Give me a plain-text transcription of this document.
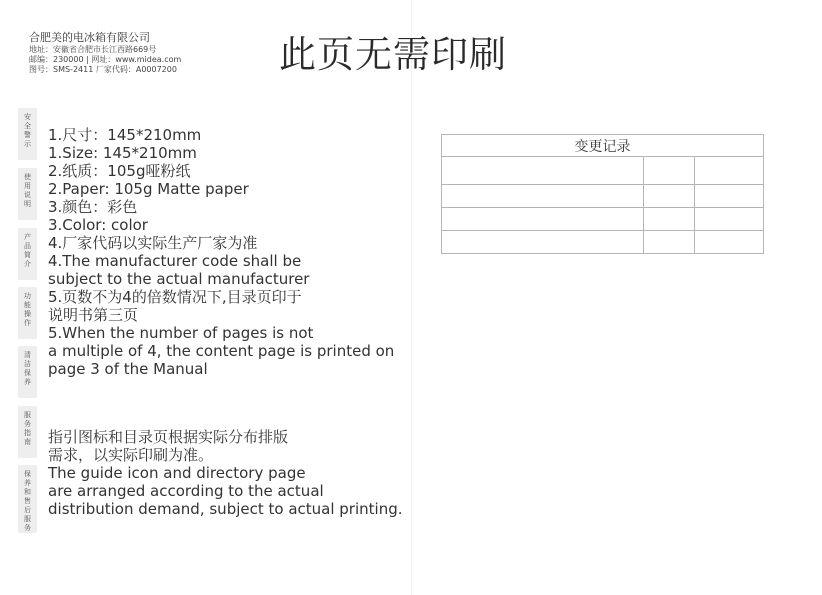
合肥美的电冰箱有限公司
地址：安徽省合肥市长江西路669号
邮编：230000 | 网址：www.midea.com
图号：SMS-2411 厂家代码：A0007200	此页无需印刷
安全警示
使用说明
产品简介
功能操作
清洁保养
服务指南
保养和售后服务
1.尺寸：145*210mm
1.Size: 145*210mm
2.纸质：105g哑粉纸
2.Paper: 105g Matte paper
3.颜色：彩色
3.Color: color
4.厂家代码以实际生产厂家为准
4.The manufacturer code shall be
subject to the actual manufacturer
5.页数不为4的倍数情况下,目录页印于
说明书第三页
5.When the number of pages is not
a multiple of 4, the content page is printed on
page 3 of the Manual
指引图标和目录页根据实际分布排版
需求，以实际印刷为准。
The guide icon and directory page
are arranged according to the actual
distribution demand, subject to actual printing.
变更记录		
